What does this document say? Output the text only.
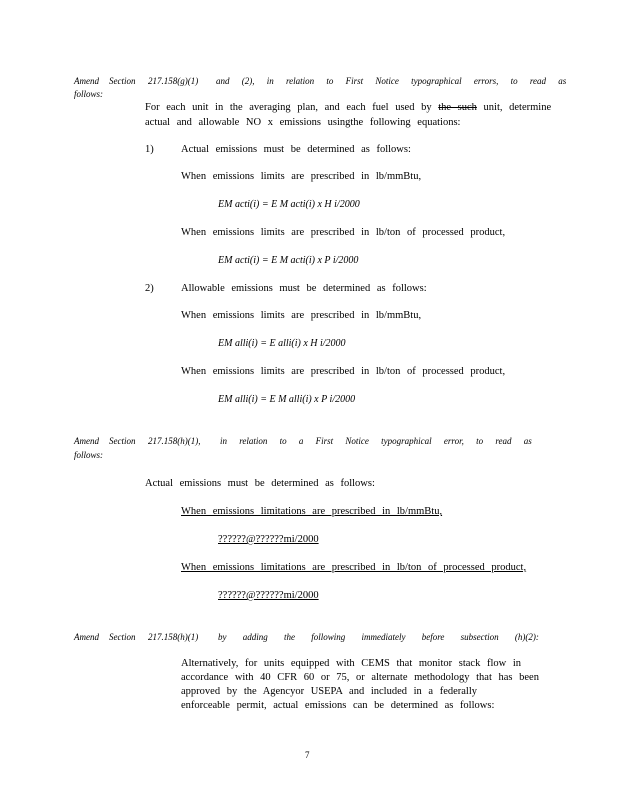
Amend Section 217.158(g)(1) and (2), in relation to First Notice typographical errors, to read as
follows:
For each unit in the averaging plan, and each fuel used by the such unit, determine
actual and allowable NO x emissions usingthe following equations:
1)	Actual emissions must be determined as follows:
When emissions limits are prescribed in lb/mmBtu,
EM acti(i) = E M acti(i) x H i/2000
When emissions limits are prescribed in lb/ton of processed product,
EM acti(i) = E M acti(i) x P i/2000
2)	Allowable emissions must be determined as follows:
When emissions limits are prescribed in lb/mmBtu,
EM alli(i) = E alli(i) x H i/2000
When emissions limits are prescribed in lb/ton of processed product,
EM alli(i) = E M alli(i) x P i/2000
Amend Section 217.158(h)(1), in relation to a First Notice typographical error, to read as
follows:
Actual emissions must be determined as follows:
When emissions limitations are prescribed in lb/mmBtu,
??????@??????mi/2000
When emissions limitations are prescribed in lb/ton of processed product,
??????@??????mi/2000
Amend Section 217.158(h)(1) by adding the following immediately before subsection (h)(2):
Alternatively, for units equipped with CEMS that monitor stack flow in
accordance with 40 CFR 60 or 75, or alternate methodology that has been
approved by the Agencyor USEPA and included in a federally
enforceable permit, actual emissions can be determined as follows:
7
